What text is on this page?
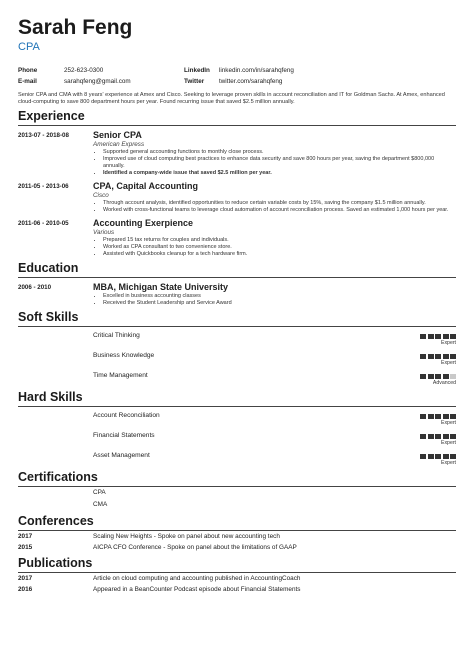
Sarah Feng
CPA
Phone	252-623-0300	LinkedIn	linkedin.com/in/sarahqfeng
E-mail	sarahqfeng@gmail.com	Twitter	twitter.com/sarahqfeng
Senior CPA and CMA with 8 years' experience at Amex and Cisco. Seeking to leverage proven skills in account reconciliation and IT for Goldman Sachs. At Amex, enhanced cloud-computing to save 800 department hours per year. Found recurring issue that saved $2.5 million annually.
Experience
2013-07 - 2018-08	Senior CPA
American Express
• Supported general accounting functions to monthly close process.
• Improved use of cloud computing best practices to enhance data security and save 800 hours per year, saving the department $800,000 annually.
• Identified a company-wide issue that saved $2.5 million per year.
2011-05 - 2013-06	CPA, Capital Accounting
Cisco
• Through account analysis, identified opportunities to reduce certain variable costs by 15%, saving the company $1.5 million annually.
• Worked with cross-functional teams to leverage cloud automation of account reconciliation process. Saved an estimated 1,000 hours per year.
2011-06 - 2010-05	Accounting Exerpience
Various
• Prepared 15 tax returns for couples and individuals.
• Worked as CPA consultant to two convenience store.
• Assisted with Quickbooks cleanup for a tech hardware firm.
Education
2006 - 2010	MBA, Michigan State University
• Excelled in business accounting classes
• Received the Student Leadership and Service Award
Soft Skills
Critical Thinking
Expert
Business Knowledge
Expert
Time Management
Advanced
Hard Skills
Account Reconciliation
Expert
Financial Statements
Expert
Asset Management
Expert
Certifications
CPA
CMA
Conferences
2017	Scaling New Heights - Spoke on panel about new accounting tech
2015	AICPA CFO Conference - Spoke on panel about the limitations of GAAP
Publications
2017	Article on cloud computing and accounting published in AccountingCoach
2016	Appeared in a BeanCounter Podcast episode about Financial Statements
